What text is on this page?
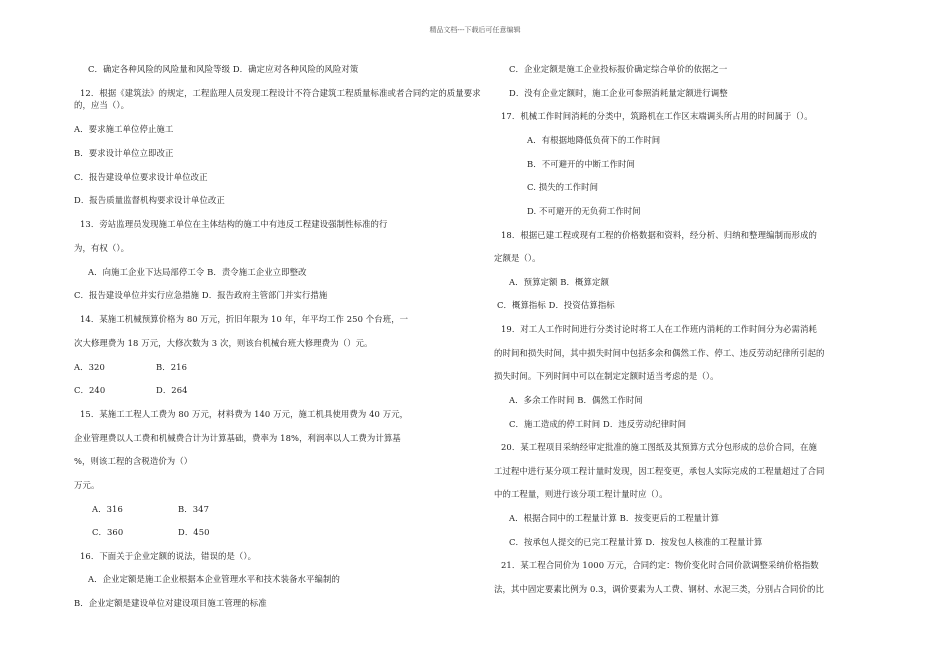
精品文档---下载后可任意编辑
C．确定各种风险的风险量和风险等级 D．确定应对各种风险的风险对策
12．根据《建筑法》的规定，工程监理人员发现工程设计不符合建筑工程质量标准或者合同约定的质量要求
的，应当（）。
A．要求施工单位停止施工
B．要求设计单位立即改正
C．报告建设单位要求设计单位改正
D．报告质量监督机构要求设计单位改正
13．旁站监理员发现施工单位在主体结构的施工中有违反工程建设强制性标准的行
为，有权（）。
A．向施工企业下达局部停工令 B．责令施工企业立即整改
C．报告建设单位并实行应急措施 D．报告政府主管部门并实行措施
14．某施工机械预算价格为 80 万元，折旧年限为 10 年，年平均工作 250 个台班，一
次大修理费为 18 万元，大修次数为 3 次，则该台机械台班大修理费为（）元。
A．320	B．216
C．240	D．264
15．某施工工程人工费为 80 万元，材料费为 140 万元，施工机具使用费为 40 万元，
企业管理费以人工费和机械费合计为计算基础，费率为 18%，利润率以人工费为计算基
%，则该工程的含税造价为（）
万元。
A．316	B．347
C．360	D．450
16．下面关于企业定额的说法，错误的是（）。
A．企业定额是施工企业根据本企业管理水平和技术装备水平编制的
B．企业定额是建设单位对建设项目施工管理的标准
C．企业定额是施工企业投标报价确定综合单价的依据之一
D．没有企业定额时，施工企业可参照消耗量定额进行调整
17．机械工作时间消耗的分类中，筑路机在工作区末端调头所占用的时间属于（）。
A．有根据地降低负荷下的工作时间
B．不可避开的中断工作时间
C. 损失的工作时间
D. 不可避开的无负荷工作时间
18．根据已建工程或现有工程的价格数据和资料，经分析、归纳和整理编制而形成的
定额是（）。
A．预算定额 B．概算定额
C．概算指标 D．投资估算指标
19．对工人工作时间进行分类讨论时将工人在工作班内消耗的工作时间分为必需消耗
的时间和损失时间，其中损失时间中包括多余和偶然工作、停工、违反劳动纪律所引起的
损失时间。下列时间中可以在制定定额时适当考虑的是（）。
A．多余工作时间 B．偶然工作时间
C．施工造成的停工时间 D．违反劳动纪律时间
20．某工程项目采纳经审定批准的施工图纸及其预算方式分包形成的总价合同，在施
工过程中进行某分项工程计量时发现，因工程变更，承包人实际完成的工程量超过了合同
中的工程量，则进行该分项工程计量时应（）。
A．根据合同中的工程量计算 B．按变更后的工程量计算
C．按承包人提交的已完工程量计算 D．按发包人核准的工程量计算
21．某工程合同价为 1000 万元，合同约定：物价变化时合同价款调整采纳价格指数
法，其中固定要素比例为 0.3，调价要素为人工费、钢材、水泥三类，分别占合同价的比
